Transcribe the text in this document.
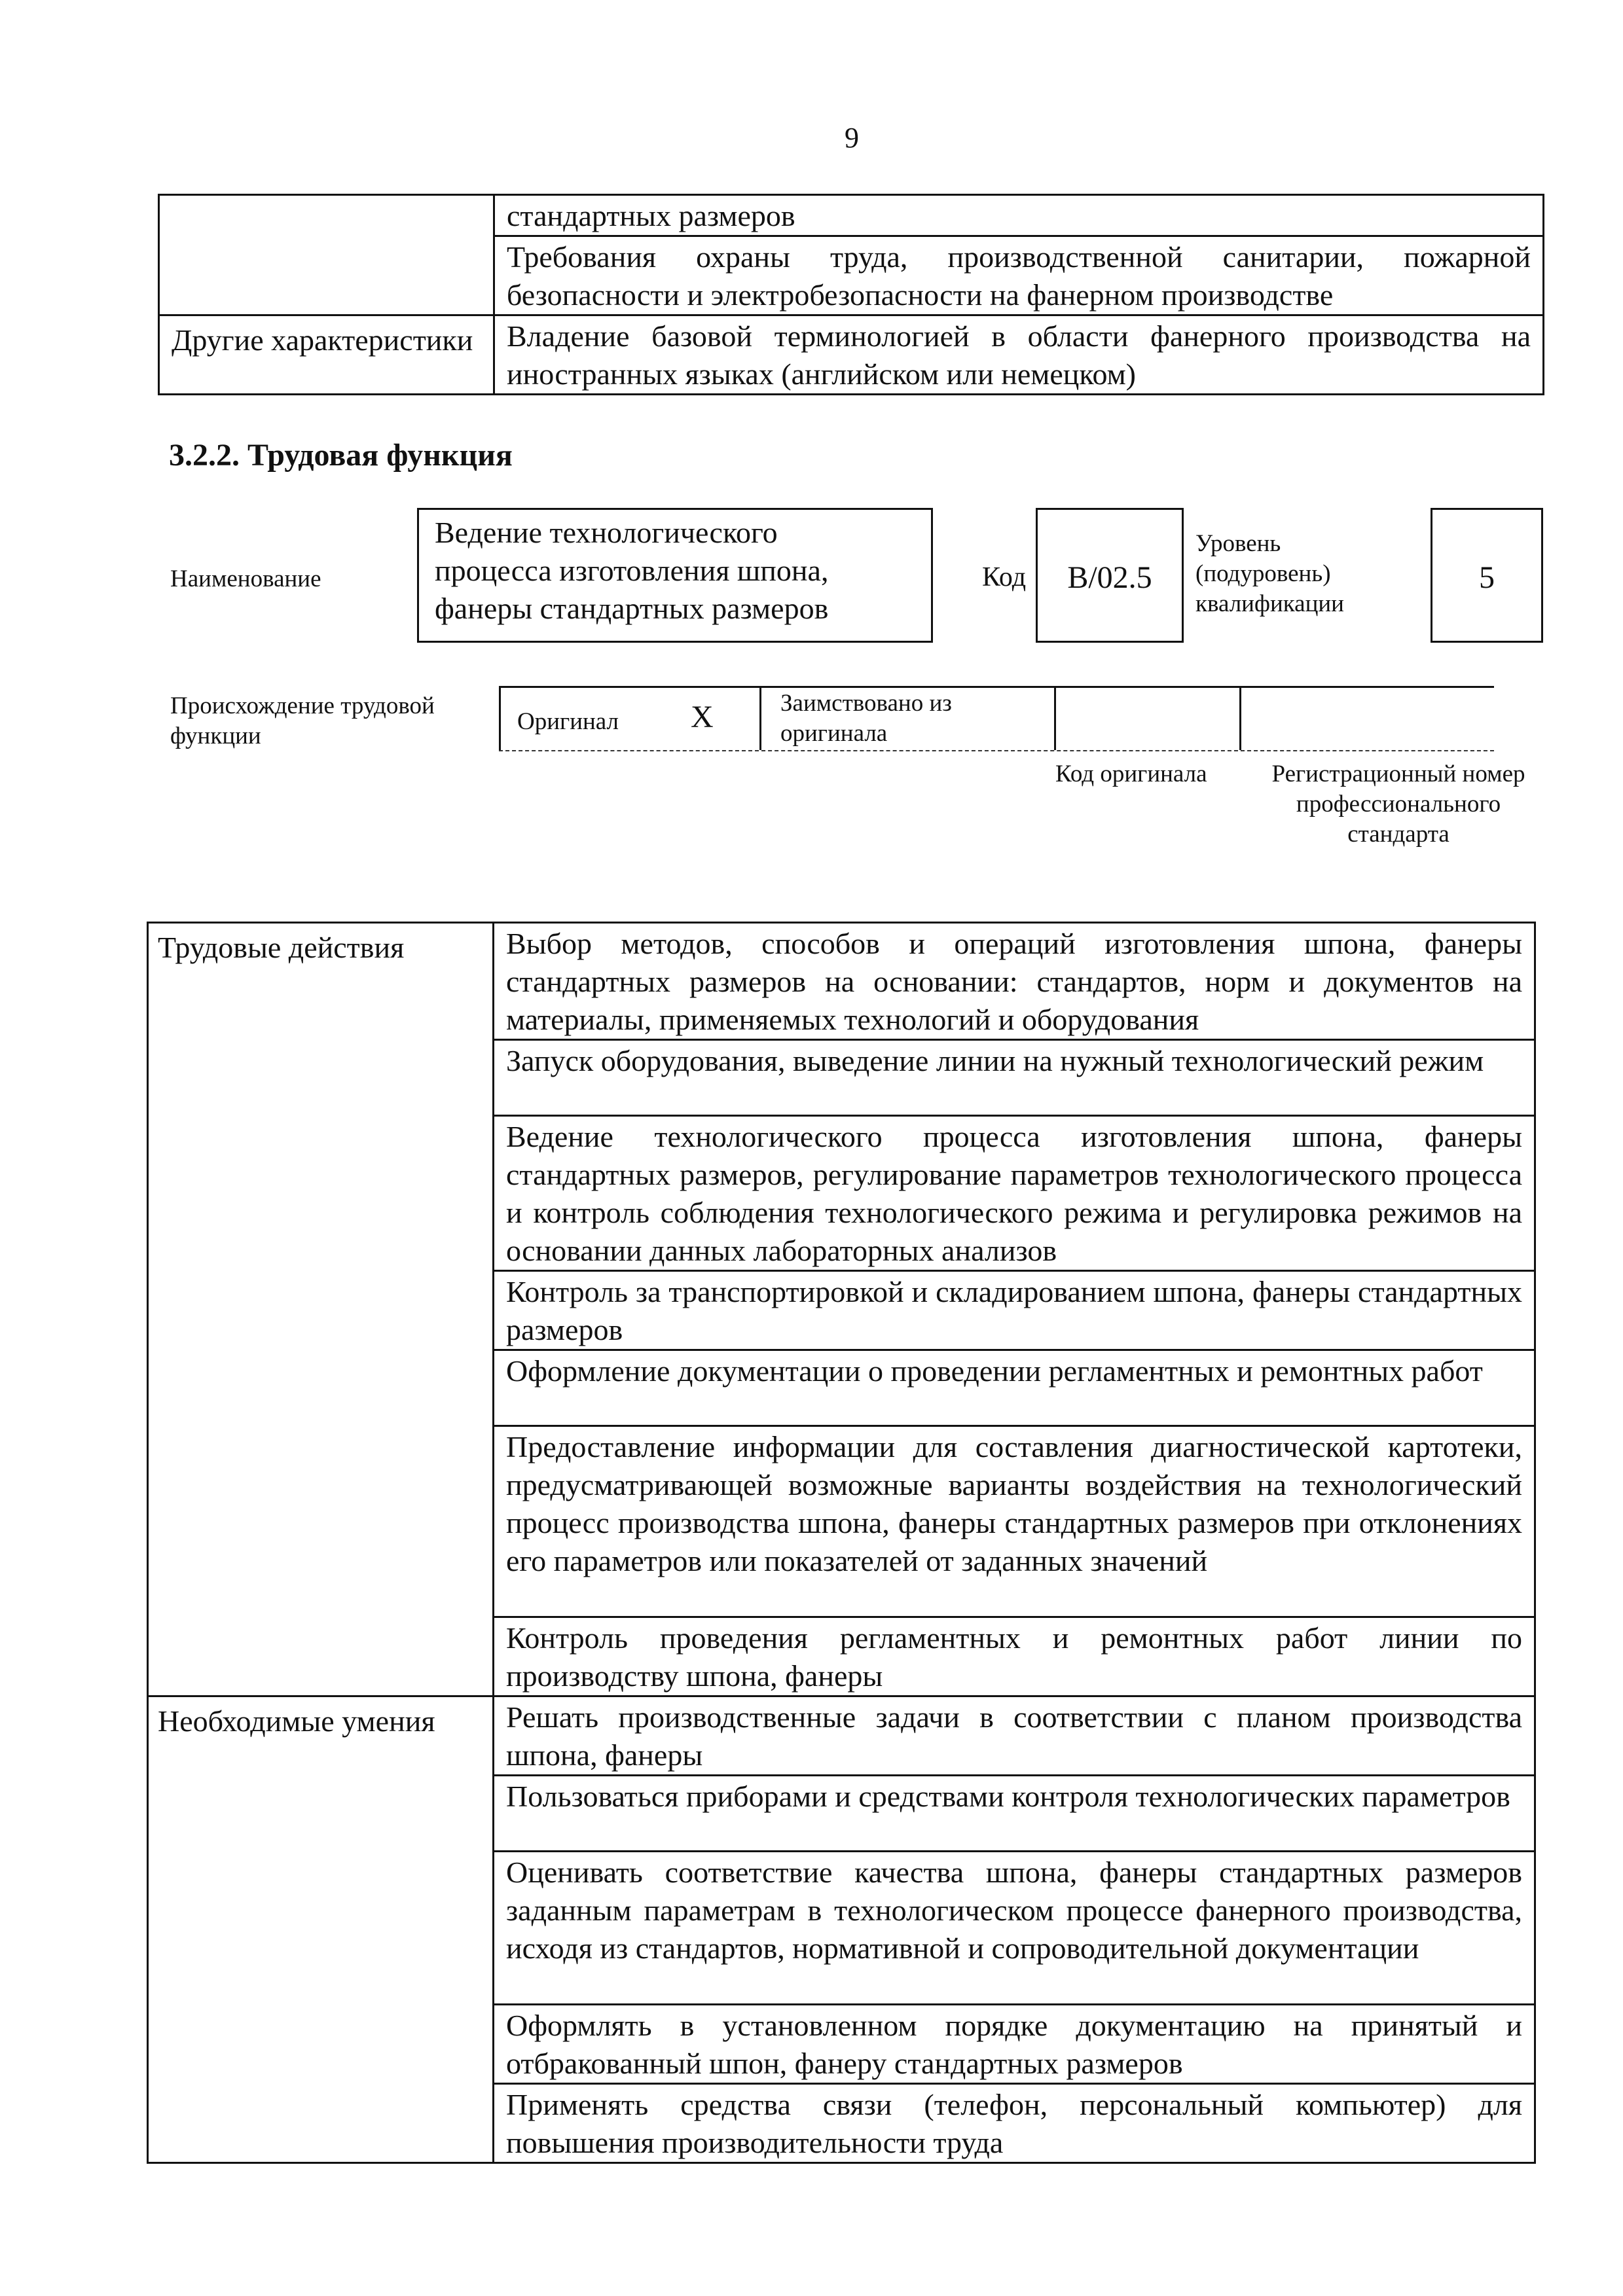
9
	стандартных размеров
	Требования охраны труда, производственной санитарии, пожарной безопасности и электробезопасности на фанерном производстве
Другие характеристики	Владение базовой терминологией в области фанерного производства на иностранных языках (английском или немецком)
3.2.2. Трудовая функция
Наименование
Ведение технологического процесса изготовления шпона, фанеры стандартных размеров
Код	B/02.5
Уровень (подуровень) квалификации
5
Происхождение трудовой функции
Оригинал X	Заимствовано из оригинала
Код оригинала	Регистрационный номер профессионального стандарта
Трудовые действия	Выбор методов, способов и операций изготовления шпона, фанеры стандартных размеров на основании: стандартов, норм и документов на материалы, применяемых технологий и оборудования
	Запуск оборудования, выведение линии на нужный технологический режим
	Ведение технологического процесса изготовления шпона, фанеры стандартных размеров, регулирование параметров технологического процесса и контроль соблюдения технологического режима и регулировка режимов на основании данных лабораторных анализов
	Контроль за транспортировкой и складированием шпона, фанеры стандартных размеров
	Оформление документации о проведении регламентных и ремонтных работ
	Предоставление информации для составления диагностической картотеки, предусматривающей возможные варианты воздействия на технологический процесс производства шпона, фанеры стандартных размеров при отклонениях его параметров или показателей от заданных значений
	Контроль проведения регламентных и ремонтных работ линии по производству шпона, фанеры
Необходимые умения	Решать производственные задачи в соответствии с планом производства шпона, фанеры
	Пользоваться приборами и средствами контроля технологических параметров
	Оценивать соответствие качества шпона, фанеры стандартных размеров заданным параметрам в технологическом процессе фанерного производства, исходя из стандартов, нормативной и сопроводительной документации
	Оформлять в установленном порядке документацию на принятый и отбракованный шпон, фанеру стандартных размеров
	Применять средства связи (телефон, персональный компьютер) для повышения производительности труда
